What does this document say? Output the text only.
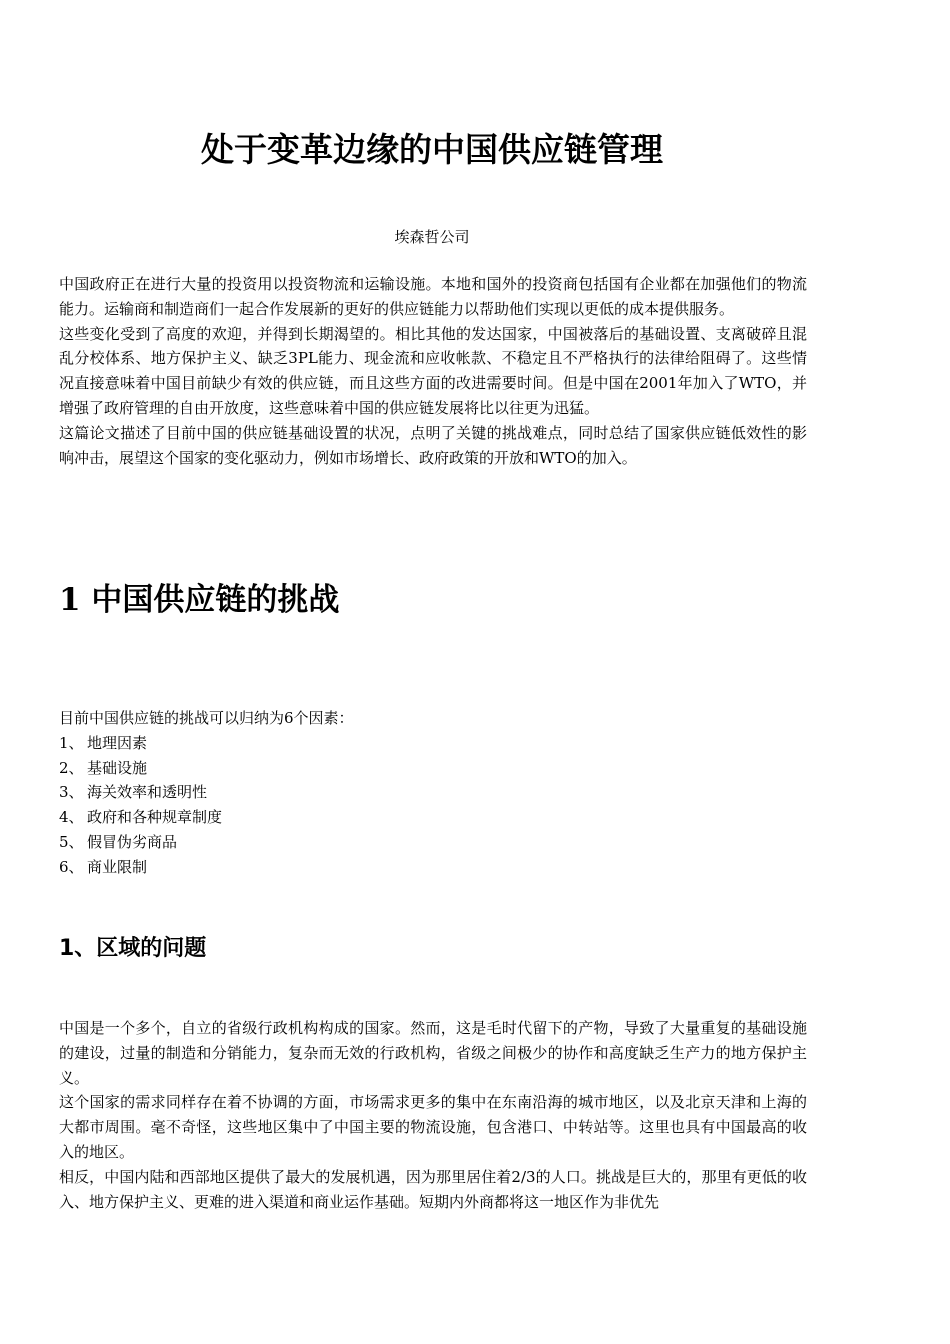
处于变革边缘的中国供应链管理

埃森哲公司

中国政府正在进行大量的投资用以投资物流和运输设施。本地和国外的投资商包括国有企业都在加强他们的物流能力。运输商和制造商们一起合作发展新的更好的供应链能力以帮助他们实现以更低的成本提供服务。

这些变化受到了高度的欢迎，并得到长期渴望的。相比其他的发达国家，中国被落后的基础设置、支离破碎且混乱分校体系、地方保护主义、缺乏3PL能力、现金流和应收帐款、不稳定且不严格执行的法律给阻碍了。这些情况直接意味着中国目前缺少有效的供应链，而且这些方面的改进需要时间。但是中国在2001年加入了WTO，并增强了政府管理的自由开放度，这些意味着中国的供应链发展将比以往更为迅猛。

这篇论文描述了目前中国的供应链基础设置的状况，点明了关键的挑战难点，同时总结了国家供应链低效性的影响冲击，展望这个国家的变化驱动力，例如市场增长、政府政策的开放和WTO的加入。

1 中国供应链的挑战

目前中国供应链的挑战可以归纳为6个因素：

1、 地理因素

2、 基础设施

3、 海关效率和透明性

4、 政府和各种规章制度

5、 假冒伪劣商品

6、 商业限制

1、区域的问题

中国是一个多个，自立的省级行政机构构成的国家。然而，这是毛时代留下的产物，导致了大量重复的基础设施的建设，过量的制造和分销能力，复杂而无效的行政机构，省级之间极少的协作和高度缺乏生产力的地方保护主义。

这个国家的需求同样存在着不协调的方面，市场需求更多的集中在东南沿海的城市地区，以及北京天津和上海的大都市周围。毫不奇怪，这些地区集中了中国主要的物流设施，包含港口、中转站等。这里也具有中国最高的收入的地区。

相反，中国内陆和西部地区提供了最大的发展机遇，因为那里居住着2/3的人口。挑战是巨大的，那里有更低的收入、地方保护主义、更难的进入渠道和商业运作基础。短期内外商都将这一地区作为非优先
